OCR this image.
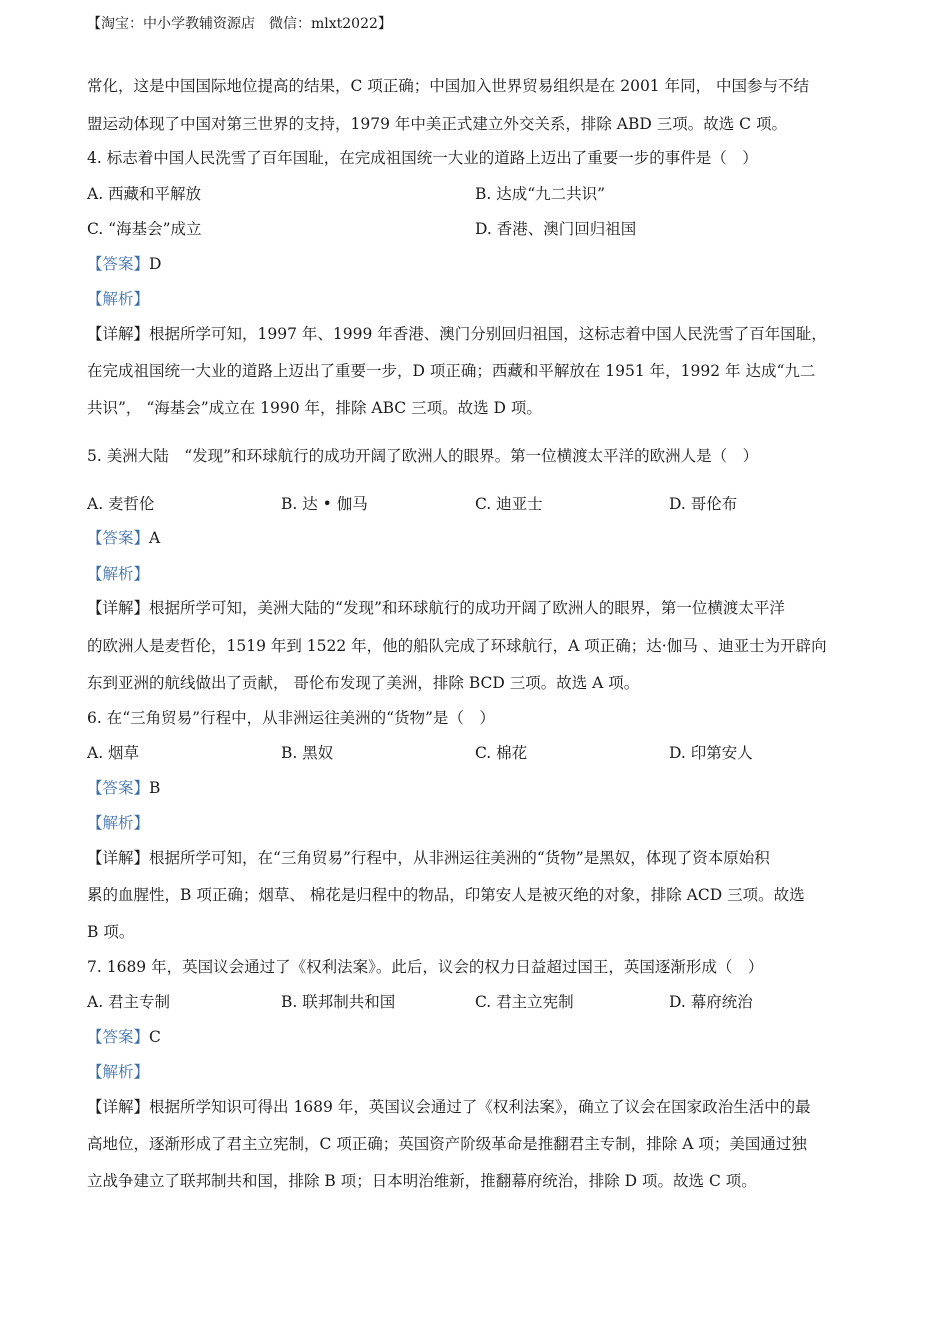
【淘宝：中小学教辅资源店　微信：mlxt2022】
常化，这是中国国际地位提高的结果，C 项正确；中国加入世界贸易组织是在 2001 年同， 中国参与不结
盟运动体现了中国对第三世界的支持，1979 年中美正式建立外交关系，排除 ABD 三项。故选 C 项。
4. 标志着中国人民洗雪了百年国耻，在完成祖国统一大业的道路上迈出了重要一步的事件是（　）
A. 西藏和平解放	B. 达成“九二共识”
C. “海基会”成立	D. 香港、澳门回归祖国
【答案】D
【解析】
【详解】根据所学可知，1997 年、1999 年香港、澳门分别回归祖国，这标志着中国人民洗雪了百年国耻，
在完成祖国统一大业的道路上迈出了重要一步，D 项正确；西藏和平解放在 1951 年，1992 年 达成“九二
共识”， “海基会”成立在 1990 年，排除 ABC 三项。故选 D 项。
5. 美洲大陆　“发现”和环球航行的成功开阔了欧洲人的眼界。第一位横渡太平洋的欧洲人是（　）
A. 麦哲伦	B. 达 • 伽马	C. 迪亚士	D. 哥伦布
【答案】A
【解析】
【详解】根据所学可知，美洲大陆的“发现”和环球航行的成功开阔了欧洲人的眼界，第一位横渡太平洋
的欧洲人是麦哲伦，1519 年到 1522 年，他的船队完成了环球航行，A 项正确；达·伽马 、迪亚士为开辟向
东到亚洲的航线做出了贡献， 哥伦布发现了美洲，排除 BCD 三项。故选 A 项。
6. 在“三角贸易”行程中，从非洲运往美洲的“货物”是（　）
A. 烟草	B. 黑奴	C. 棉花	D. 印第安人
【答案】B
【解析】
【详解】根据所学可知，在“三角贸易”行程中，从非洲运往美洲的“货物”是黑奴，体现了资本原始积
累的血腥性，B 项正确；烟草、 棉花是归程中的物品，印第安人是被灭绝的对象，排除 ACD 三项。故选
B 项。
7. 1689 年，英国议会通过了《权利法案》。此后，议会的权力日益超过国王，英国逐渐形成（　）
A. 君主专制	B. 联邦制共和国	C. 君主立宪制	D. 幕府统治
【答案】C
【解析】
【详解】根据所学知识可得出 1689 年，英国议会通过了《权利法案》，确立了议会在国家政治生活中的最
高地位，逐渐形成了君主立宪制，C 项正确；英国资产阶级革命是推翻君主专制，排除 A 项；美国通过独
立战争建立了联邦制共和国，排除 B 项；日本明治维新，推翻幕府统治，排除 D 项。故选 C 项。
